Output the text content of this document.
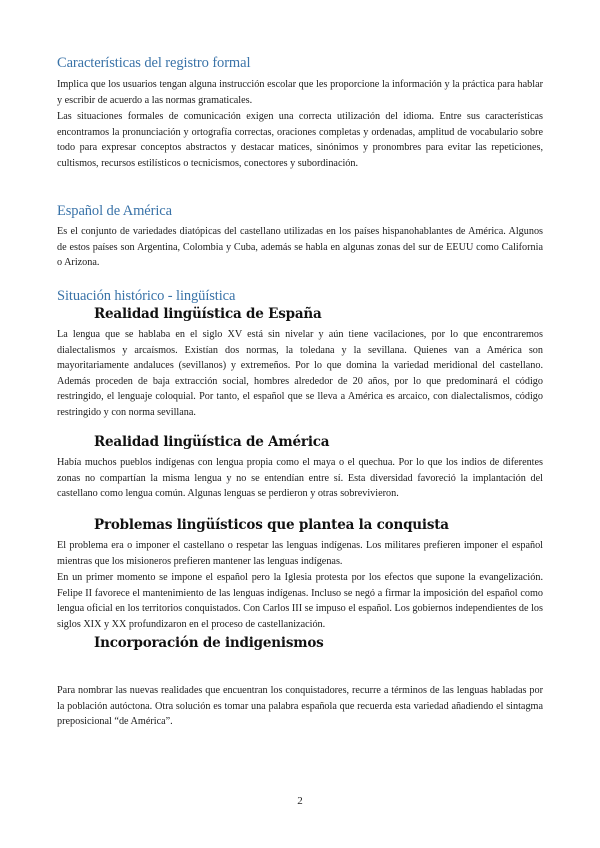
Características del registro formal

Implica que los usuarios tengan alguna instrucción escolar que les proporcione la información y la práctica para hablar y escribir de acuerdo a las normas gramaticales.

Las situaciones formales de comunicación exigen una correcta utilización del idioma. Entre sus características encontramos la pronunciación y ortografía correctas, oraciones completas y ordenadas, amplitud de vocabulario sobre todo para expresar conceptos abstractos y destacar matices, sinónimos y pronombres para evitar las repeticiones, cultismos, recursos estilísticos o tecnicismos, conectores y subordinación.

Español de América

Es el conjunto de variedades diatópicas del castellano utilizadas en los países hispanohablantes de América. Algunos de estos países son Argentina, Colombia y Cuba, además se habla en algunas zonas del sur de EEUU como California o Arizona.

Situación histórico - lingüística
Realidad lingüística de España

La lengua que se hablaba en el siglo XV está sin nivelar y aún tiene vacilaciones, por lo que encontraremos dialectalismos y arcaísmos. Existían dos normas, la toledana y la sevillana. Quienes van a América son mayoritariamente andaluces (sevillanos) y extremeños. Por lo que domina la variedad meridional del castellano. Además proceden de baja extracción social, hombres alrededor de 20 años, por lo que predominará el código restringido, el lenguaje coloquial. Por tanto, el español que se lleva a América es arcaico, con dialectalismos, código restringido y con norma sevillana.

Realidad lingüística de América

Había muchos pueblos indígenas con lengua propia como el maya o el quechua. Por lo que los indios de diferentes zonas no compartían la misma lengua y no se entendían entre sí. Esta diversidad favoreció la implantación del castellano como lengua común. Algunas lenguas se perdieron y otras sobrevivieron.

Problemas lingüísticos que plantea la conquista

El problema era o imponer el castellano o respetar las lenguas indígenas. Los militares prefieren imponer el español mientras que los misioneros prefieren mantener las lenguas indígenas.

En un primer momento se impone el español pero la Iglesia protesta por los efectos que supone la evangelización. Felipe II favorece el mantenimiento de las lenguas indígenas. Incluso se negó a firmar la imposición del español como lengua oficial en los territorios conquistados. Con Carlos III se impuso el español. Los gobiernos independientes de los siglos XIX y XX profundizaron en el proceso de castellanización.

Incorporación de indigenismos

Para nombrar las nuevas realidades que encuentran los conquistadores, recurre a términos de las lenguas habladas por la población autóctona. Otra solución es tomar una palabra española que recuerda esta variedad añadiendo el sintagma preposicional “de América”.

2
